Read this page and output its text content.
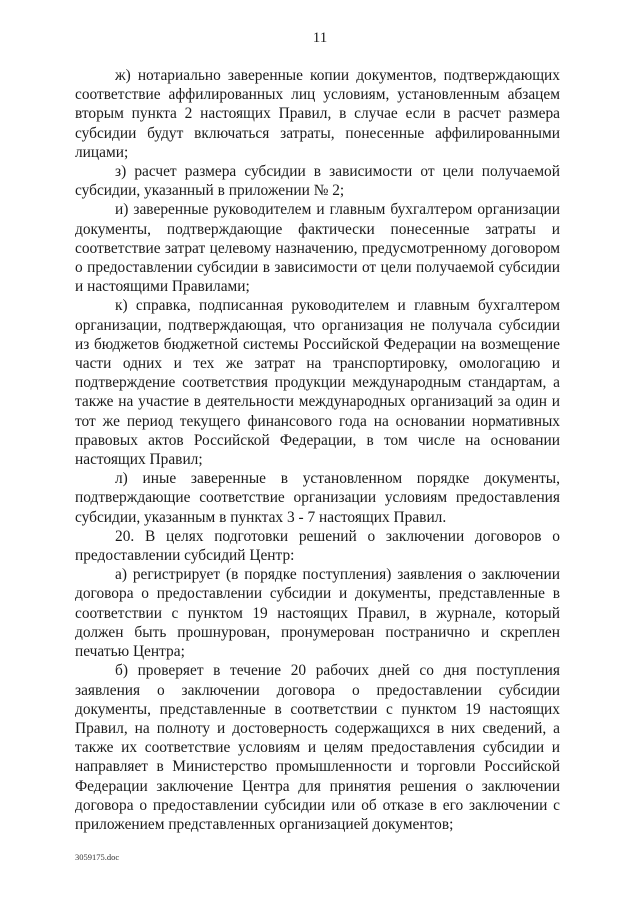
11

ж) нотариально заверенные копии документов, подтверждающих соответствие аффилированных лиц условиям, установленным абзацем вторым пункта 2 настоящих Правил, в случае если в расчет размера субсидии будут включаться затраты, понесенные аффилированными лицами;

з) расчет размера субсидии в зависимости от цели получаемой субсидии, указанный в приложении № 2;

и) заверенные руководителем и главным бухгалтером организации документы, подтверждающие фактически понесенные затраты и соответствие затрат целевому назначению, предусмотренному договором о предоставлении субсидии в зависимости от цели получаемой субсидии и настоящими Правилами;

к) справка, подписанная руководителем и главным бухгалтером организации, подтверждающая, что организация не получала субсидии из бюджетов бюджетной системы Российской Федерации на возмещение части одних и тех же затрат на транспортировку, омологацию и подтверждение соответствия продукции международным стандартам, а также на участие в деятельности международных организаций за один и тот же период текущего финансового года на основании нормативных правовых актов Российской Федерации, в том числе на основании настоящих Правил;

л) иные заверенные в установленном порядке документы, подтверждающие соответствие организации условиям предоставления субсидии, указанным в пунктах 3 - 7 настоящих Правил.

20. В целях подготовки решений о заключении договоров о предоставлении субсидий Центр:

а) регистрирует (в порядке поступления) заявления о заключении договора о предоставлении субсидии и документы, представленные в соответствии с пунктом 19 настоящих Правил, в журнале, который должен быть прошнурован, пронумерован постранично и скреплен печатью Центра;

б) проверяет в течение 20 рабочих дней со дня поступления заявления о заключении договора о предоставлении субсидии документы, представленные в соответствии с пунктом 19 настоящих Правил, на полноту и достоверность содержащихся в них сведений, а также их соответствие условиям и целям предоставления субсидии и направляет в Министерство промышленности и торговли Российской Федерации заключение Центра для принятия решения о заключении договора о предоставлении субсидии или об отказе в его заключении с приложением представленных организацией документов;

3059175.doc
